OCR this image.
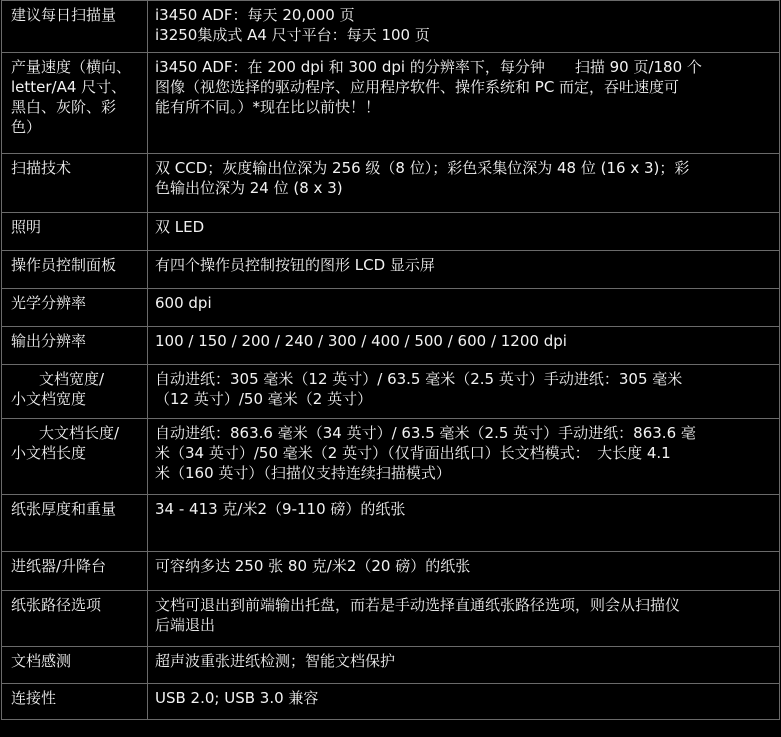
建议每日扫描量	i3450 ADF：每天 20,000 页
i3250集成式 A4 尺寸平台：每天 100 页

产量速度（横向、
letter/A4 尺寸、
黑白、灰阶、彩
色）	i3450 ADF：在 200 dpi 和 300 dpi 的分辨率下，每分钟　　扫描 90 页/180 个
图像（视您选择的驱动程序、应用程序软件、操作系统和 PC 而定，吞吐速度可
能有所不同。）*现在比以前快！！

扫描技术	双 CCD；灰度输出位深为 256 级（8 位）；彩色采集位深为 48 位 (16 x 3)；彩
色输出位深为 24 位 (8 x 3)

照明	双 LED

操作员控制面板	有四个操作员控制按钮的图形 LCD 显示屏

光学分辨率	600 dpi

输出分辨率	100 / 150 / 200 / 240 / 300 / 400 / 500 / 600 / 1200 dpi

文档宽度/
小文档宽度	自动进纸：305 毫米（12 英寸）/ 63.5 毫米（2.5 英寸）手动进纸：305 毫米
（12 英寸）/50 毫米（2 英寸）

大文档长度/
小文档长度	自动进纸：863.6 毫米（34 英寸）/ 63.5 毫米（2.5 英寸）手动进纸：863.6 毫
米（34 英寸）/50 毫米（2 英寸）（仅背面出纸口）长文档模式：　大长度 4.1
米（160 英寸）（扫描仪支持连续扫描模式）

纸张厚度和重量	34 - 413 克/米2（9-110 磅）的纸张

进纸器/升降台	可容纳多达 250 张 80 克/米2（20 磅）的纸张

纸张路径选项	文档可退出到前端输出托盘，而若是手动选择直通纸张路径选项，则会从扫描仪
后端退出

文档感测	超声波重张进纸检测；智能文档保护

连接性	USB 2.0; USB 3.0 兼容
